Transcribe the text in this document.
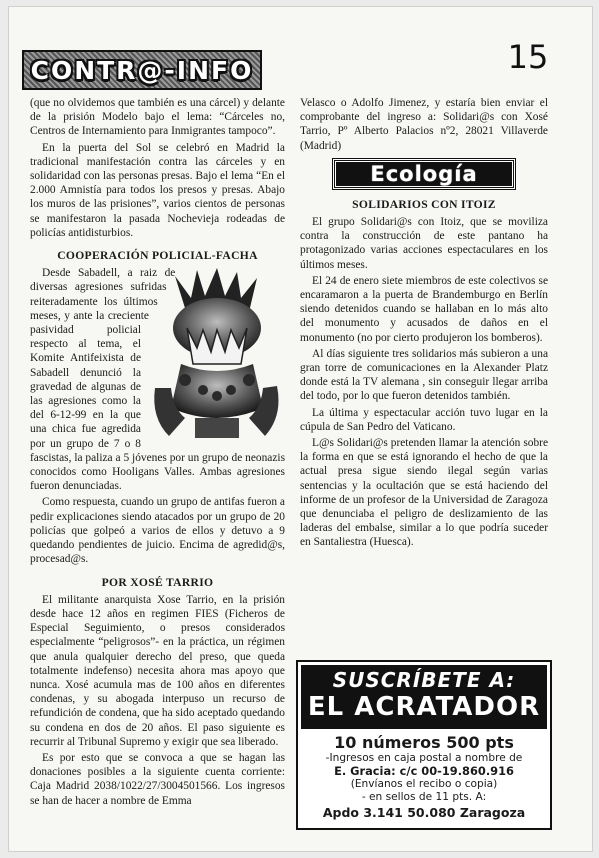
CONTR@-INFO	15

(que no olvidemos que también es una cárcel) y delante de la prisión Modelo bajo el lema: “Cárceles no, Centros de Internamiento para Inmigrantes tampoco”.

En la puerta del Sol se celebró en Madrid la tradicional manifestación contra las cárceles y en solidaridad con las personas presas. Bajo el lema “En el 2.000 Amnistía para todos los presos y presas. Abajo los muros de las prisiones”, varios cientos de personas se manifestaron la pasada Nochevieja rodeadas de policías antidisturbios.

COOPERACIÓN POLICIAL-FACHA

Desde Sabadell, a raiz de diversas agresiones sufridas reiteradamente los últimos meses, y ante la creciente pasividad policial respecto al tema, el Komite Antifeixista de Sabadell denunció la gravedad de algunas de las agresiones como la del 6-12-99 en la que una chica fue agredida por un grupo de 7 o 8 fascistas, la paliza a 5 jóvenes por un grupo de neonazis conocidos como Hooligans Valles. Ambas agresiones fueron denunciadas.

Como respuesta, cuando un grupo de antifas fueron a pedir explicaciones siendo atacados por un grupo de 20 policías que golpeó a varios de ellos y detuvo a 9 quedando pendientes de juicio. Encima de agredid@s, procesad@s.

POR XOSÉ TARRIO

El militante anarquista Xose Tarrio, en la prisión desde hace 12 años en regimen FIES (Ficheros de Especial Seguimiento, o presos considerados especialmente “peligrosos”- en la práctica, un régimen que anula qualquier derecho del preso, que queda totalmente indefenso) necesita ahora mas apoyo que nunca. Xosé acumula mas de 100 años en diferentes condenas, y su abogada interpuso un recurso de refundición de condena, que ha sido aceptado quedando su condena en dos de 20 años. El paso siguiente es recurrir al Tribunal Supremo y exigir que sea liberado.

Es por esto que se convoca a que se hagan las donaciones posibles a la siguiente cuenta corriente: Caja Madrid 2038/1022/27/3004501566. Los ingresos se han de hacer a nombre de Emma

Velasco o Adolfo Jimenez, y estaría bien enviar el comprobante del ingreso a: Solidari@s con Xosé Tarrio, Pº Alberto Palacios nº2, 28021 Villaverde (Madrid)

Ecología
SOLIDARIOS CON ITOIZ

El grupo Solidari@s con Itoiz, que se moviliza contra la construcción de este pantano ha protagonizado varias acciones espectaculares en los últimos meses.

El 24 de enero siete miembros de este colectivos se encaramaron a la puerta de Brandemburgo en Berlín siendo detenidos cuando se hallaban en lo más alto del monumento y acusados de daños en el monumento (no por cierto produjeron los bomberos).

Al días siguiente tres solidarios más subieron a una gran torre de comunicaciones en la Alexander Platz donde está la TV alemana , sin conseguir llegar arriba del todo, por lo que fueron detenidos también.

La última y espectacular acción tuvo lugar en la cúpula de San Pedro del Vaticano.

L@s Solidari@s pretenden llamar la atención sobre la forma en que se está ignorando el hecho de que la actual presa sigue siendo ilegal según varias sentencias y la ocultación que se está haciendo del informe de un profesor de la Universidad de Zaragoza que denunciaba el peligro de deslizamiento de las laderas del embalse, similar a lo que podría suceder en Santaliestra (Huesca).

SUSCRÍBETE A:
EL ACRATADOR
10 números 500 pts
-Ingresos en caja postal a nombre de
E. Gracia: c/c 00-19.860.916
(Envíanos el recibo o copia)
- en sellos de 11 pts. A:
Apdo 3.141 50.080 Zaragoza
